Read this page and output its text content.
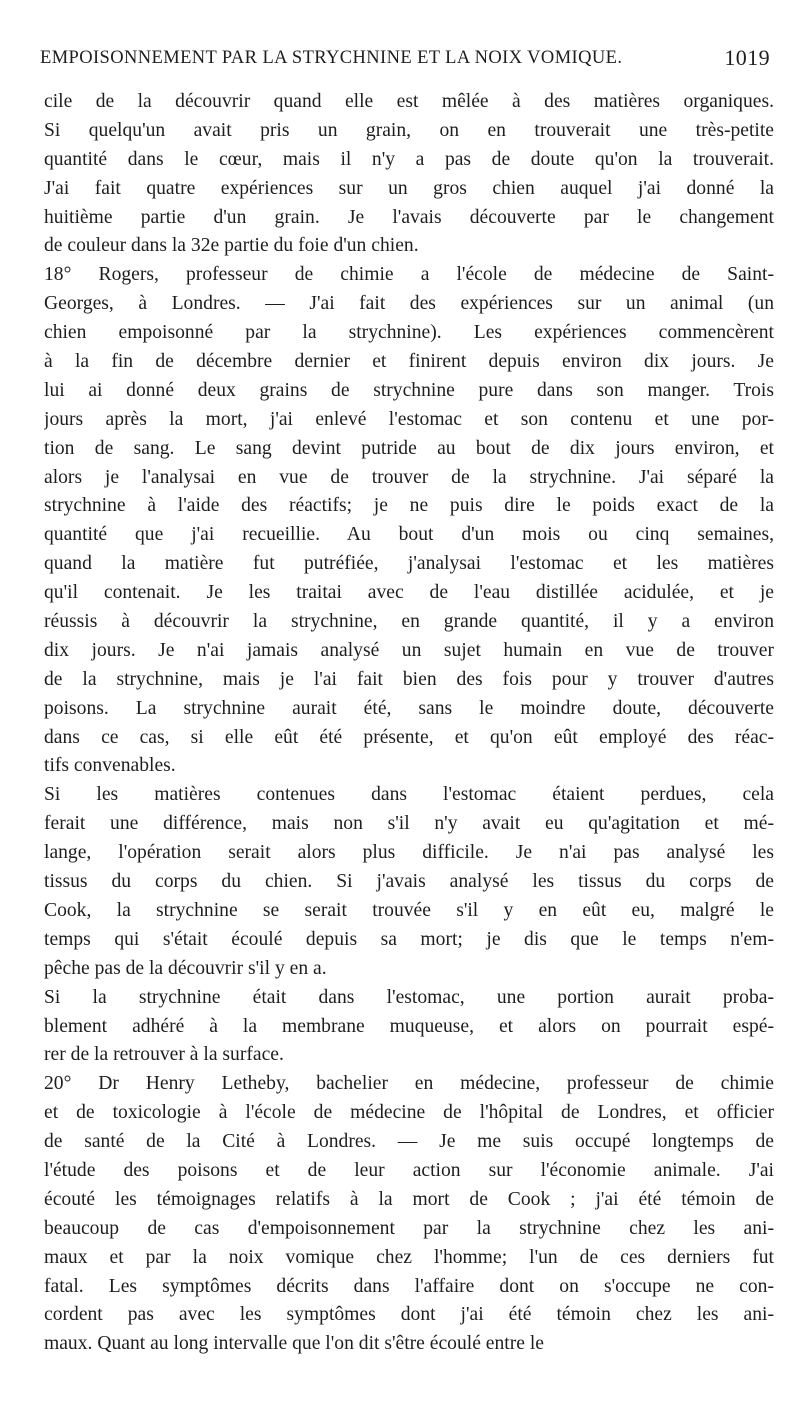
EMPOISONNEMENT PAR LA STRYCHNINE ET LA NOIX VOMIQUE.	1019
cile de la découvrir quand elle est mêlée à des matières organiques.
Si quelqu'un avait pris un grain, on en trouverait une très-petite
quantité dans le cœur, mais il n'y a pas de doute qu'on la trouverait.
J'ai fait quatre expériences sur un gros chien auquel j'ai donné la
huitième partie d'un grain. Je l'avais découverte par le changement
de couleur dans la 32e partie du foie d'un chien.
18° Rogers, professeur de chimie a l'école de médecine de Saint-
Georges, à Londres. — J'ai fait des expériences sur un animal (un
chien empoisonné par la strychnine). Les expériences commencèrent
à la fin de décembre dernier et finirent depuis environ dix jours. Je
lui ai donné deux grains de strychnine pure dans son manger. Trois
jours après la mort, j'ai enlevé l'estomac et son contenu et une por-
tion de sang. Le sang devint putride au bout de dix jours environ, et
alors je l'analysai en vue de trouver de la strychnine. J'ai séparé la
strychnine à l'aide des réactifs; je ne puis dire le poids exact de la
quantité que j'ai recueillie. Au bout d'un mois ou cinq semaines,
quand la matière fut putréfiée, j'analysai l'estomac et les matières
qu'il contenait. Je les traitai avec de l'eau distillée acidulée, et je
réussis à découvrir la strychnine, en grande quantité, il y a environ
dix jours. Je n'ai jamais analysé un sujet humain en vue de trouver
de la strychnine, mais je l'ai fait bien des fois pour y trouver d'autres
poisons. La strychnine aurait été, sans le moindre doute, découverte
dans ce cas, si elle eût été présente, et qu'on eût employé des réac-
tifs convenables.
Si les matières contenues dans l'estomac étaient perdues, cela
ferait une différence, mais non s'il n'y avait eu qu'agitation et mé-
lange, l'opération serait alors plus difficile. Je n'ai pas analysé les
tissus du corps du chien. Si j'avais analysé les tissus du corps de
Cook, la strychnine se serait trouvée s'il y en eût eu, malgré le
temps qui s'était écoulé depuis sa mort; je dis que le temps n'em-
pêche pas de la découvrir s'il y en a.
Si la strychnine était dans l'estomac, une portion aurait proba-
blement adhéré à la membrane muqueuse, et alors on pourrait espé-
rer de la retrouver à la surface.
20° Dr Henry Letheby, bachelier en médecine, professeur de chimie
et de toxicologie à l'école de médecine de l'hôpital de Londres, et officier
de santé de la Cité à Londres. — Je me suis occupé longtemps de
l'étude des poisons et de leur action sur l'économie animale. J'ai
écouté les témoignages relatifs à la mort de Cook ; j'ai été témoin de
beaucoup de cas d'empoisonnement par la strychnine chez les ani-
maux et par la noix vomique chez l'homme; l'un de ces derniers fut
fatal. Les symptômes décrits dans l'affaire dont on s'occupe ne con-
cordent pas avec les symptômes dont j'ai été témoin chez les ani-
maux. Quant au long intervalle que l'on dit s'être écoulé entre le
